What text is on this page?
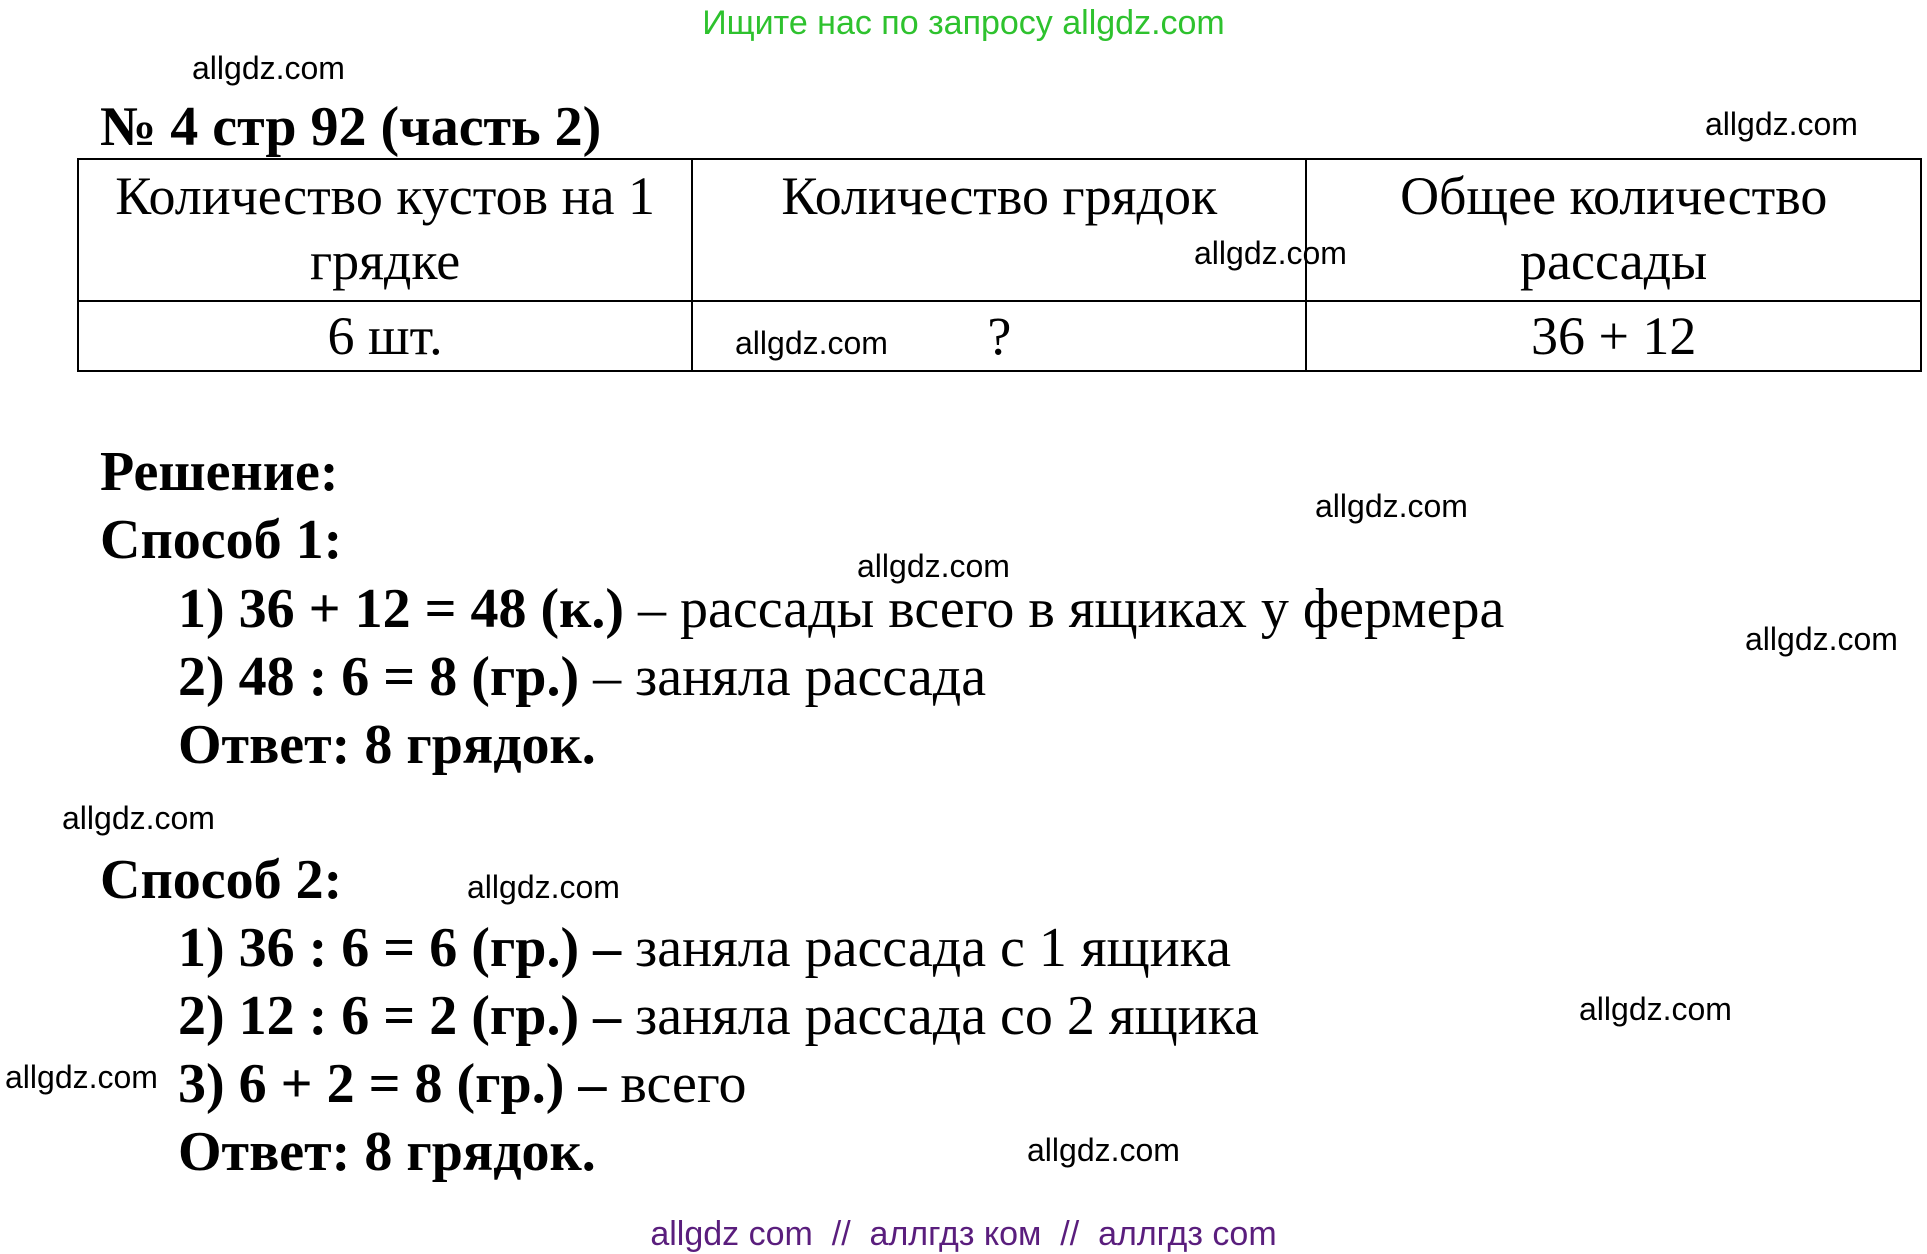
Ищите нас по запросу allgdz.com
allgdz.com
allgdz.com
allgdz.com
allgdz.com
allgdz.com
allgdz.com
allgdz.com
allgdz.com
allgdz.com
allgdz.com
allgdz.com
allgdz.com
№ 4 стр 92 (часть 2)
Количество кустов на 1 грядке	Количество грядок	Общее количество рассады
6 шт.	?	36 + 12
Решение:
Способ 1:
1) 36 + 12 = 48 (к.) – рассады всего в ящиках у фермера
2) 48 : 6 = 8 (гр.) – заняла рассада
Ответ: 8 грядок.
Способ 2:
1) 36 : 6 = 6 (гр.) – заняла рассада с 1 ящика
2) 12 : 6 = 2 (гр.) – заняла рассада со 2 ящика
3) 6 + 2 = 8 (гр.) – всего
Ответ: 8 грядок.
allgdz com  //  аллгдз ком  //  аллгдз com
